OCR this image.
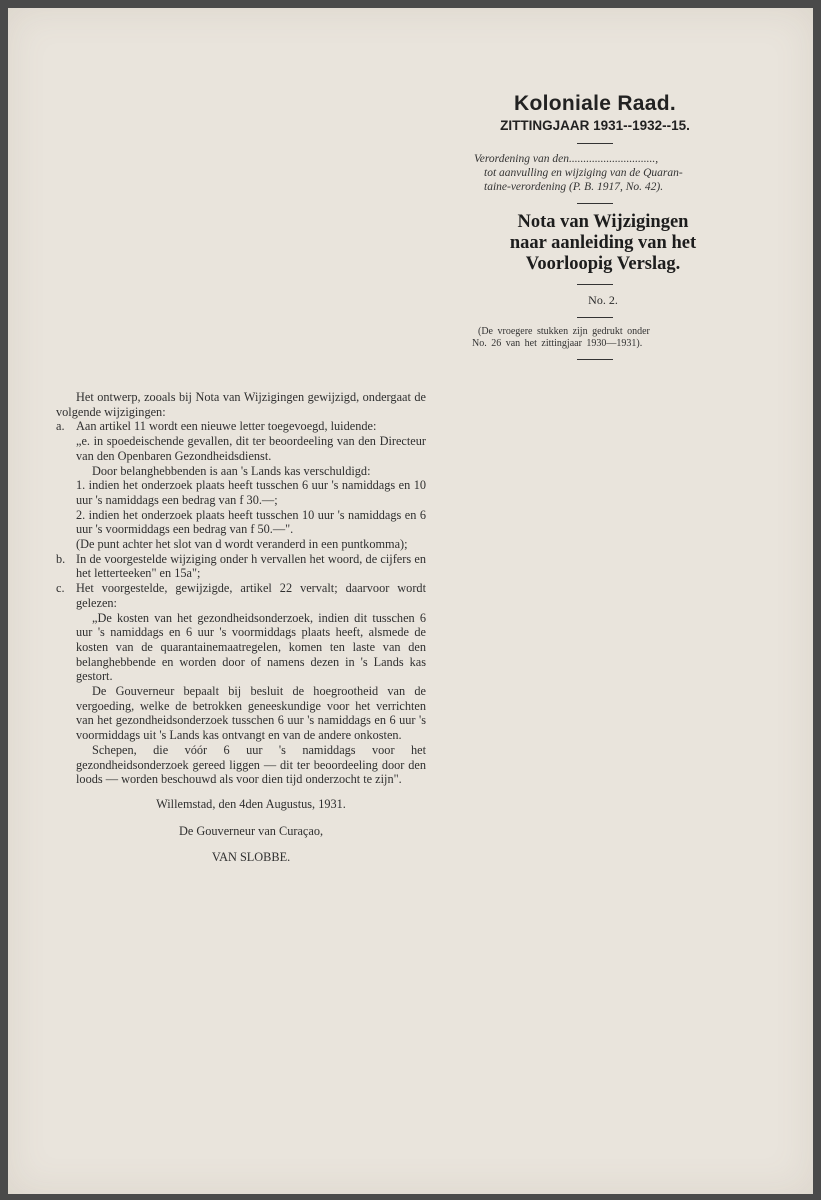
Koloniale Raad.
ZITTINGJAAR 1931--1932--15.
Verordening van den..............................,
tot aanvulling en wijziging van de Quaran-
taine-verordening (P. B. 1917, No. 42).
Nota van Wijzigingen
naar aanleiding van het
Voorloopig Verslag.
No. 2.
(De vroegere stukken zijn gedrukt onder
No. 26 van het zittingjaar 1930—1931).

Het ontwerp, zooals bij Nota van Wijzigingen gewijzigd, ondergaat de volgende wijzigingen:

a. Aan artikel 11 wordt een nieuwe letter toegevoegd, luidende:

„e. in spoedeischende gevallen, dit ter beoordeeling van den Directeur van den Openbaren Gezondheidsdienst.

Door belanghebbenden is aan 's Lands kas verschuldigd:

1. indien het onderzoek plaats heeft tusschen 6 uur 's namiddags en 10 uur 's namiddags een bedrag van f 30.—;

2. indien het onderzoek plaats heeft tusschen 10 uur 's namiddags en 6 uur 's voormiddags een bedrag van f 50.—".

(De punt achter het slot van d wordt veranderd in een puntkomma);

b. In de voorgestelde wijziging onder h vervallen het woord, de cijfers en het letterteeken" en 15a";
c. Het voorgestelde, gewijzigde, artikel 22 vervalt; daarvoor wordt gelezen:

„De kosten van het gezondheidsonderzoek, indien dit tusschen 6 uur 's namiddags en 6 uur 's voormiddags plaats heeft, alsmede de kosten van de quarantainemaatregelen, komen ten laste van den belanghebbende en worden door of namens dezen in 's Lands kas gestort.

De Gouverneur bepaalt bij besluit de hoegrootheid van de vergoeding, welke de betrokken geneeskundige voor het verrichten van het gezondheidsonderzoek tusschen 6 uur 's namiddags en 6 uur 's voormiddags uit 's Lands kas ontvangt en van de andere onkosten.

Schepen, die vóór 6 uur 's namiddags voor het gezondheidsonderzoek gereed liggen — dit ter beoordeeling door den loods — worden beschouwd als voor dien tijd onderzocht te zijn".

Willemstad, den 4den Augustus, 1931.
De Gouverneur van Curaçao,
VAN SLOBBE.
